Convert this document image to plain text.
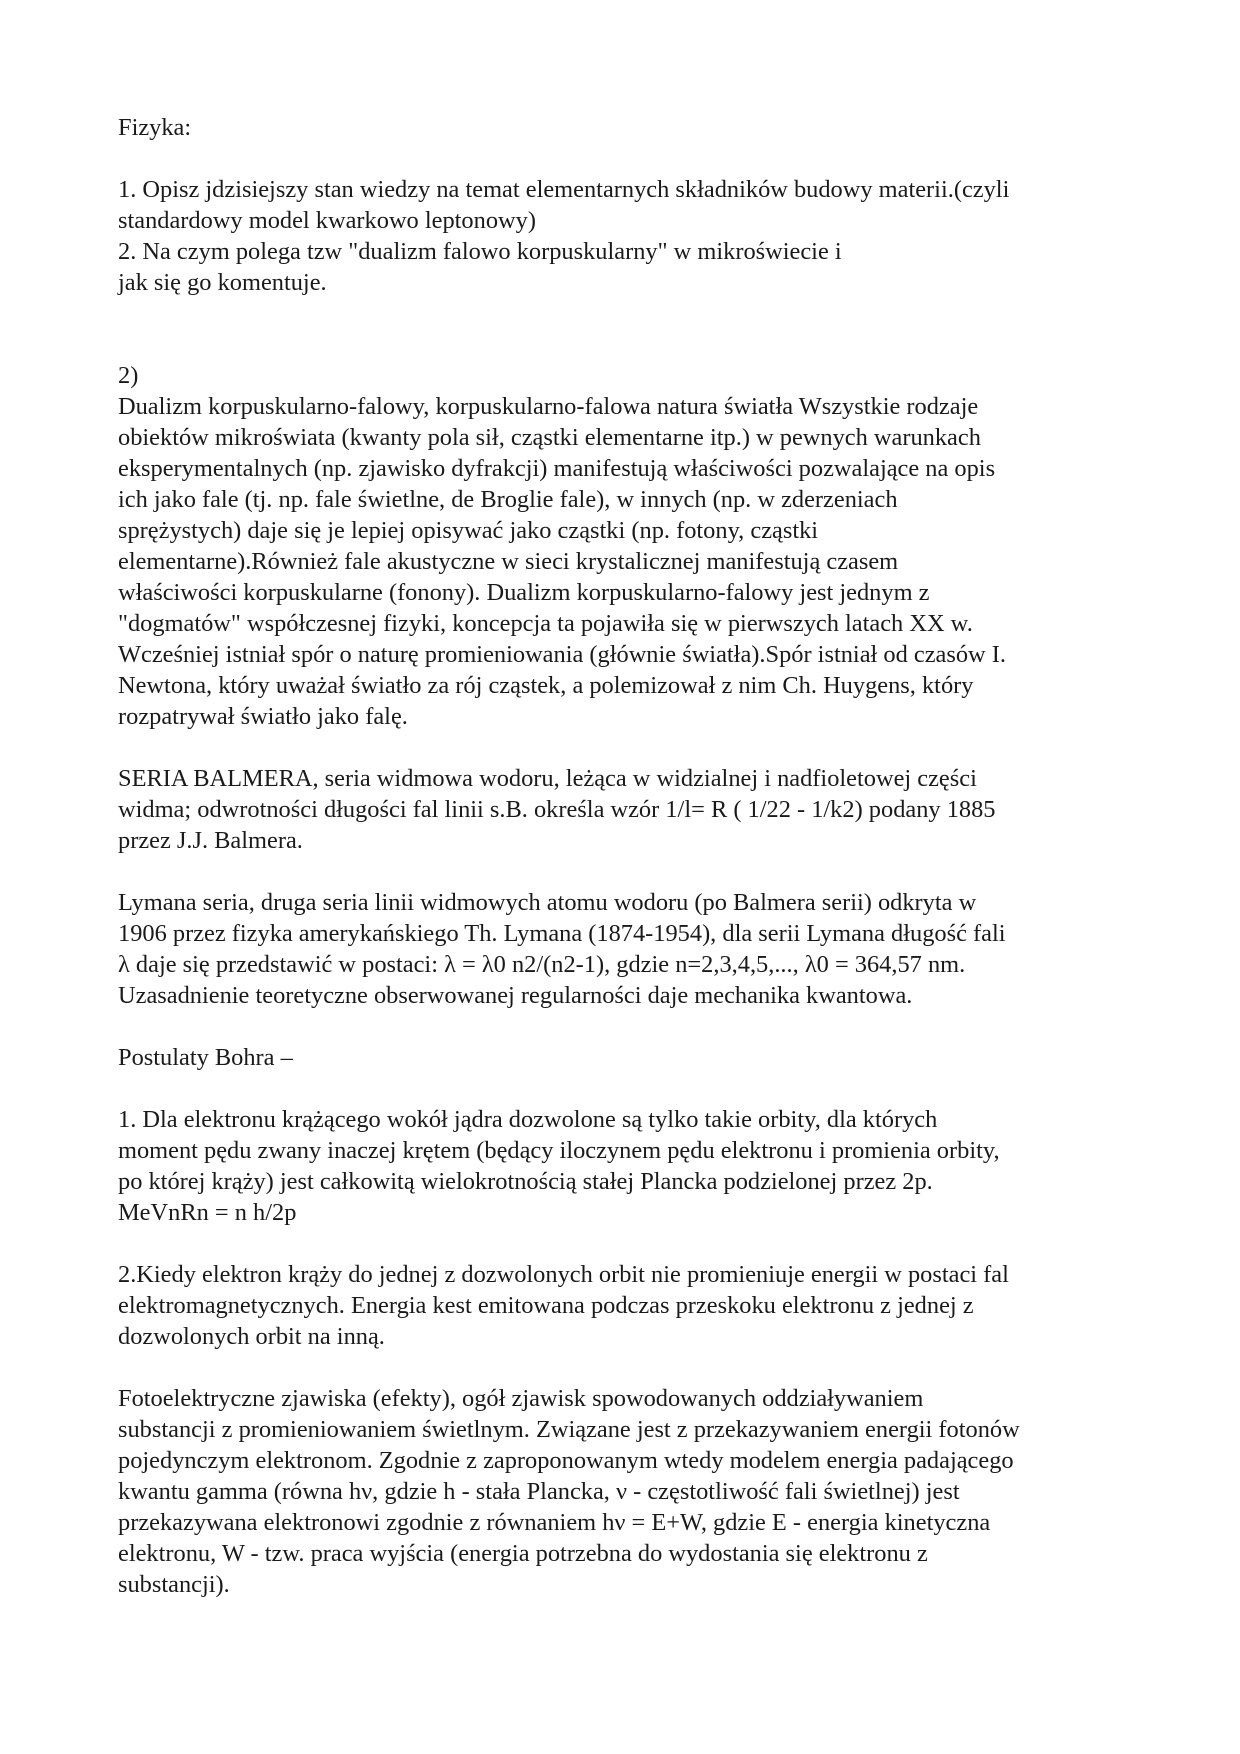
Fizyka:

1. Opisz jdzisiejszy stan wiedzy na temat elementarnych składników budowy materii.(czyli
standardowy model kwarkowo leptonowy)
2. Na czym polega tzw "dualizm falowo korpuskularny" w mikroświecie i
jak się go komentuje.

2)

Dualizm korpuskularno-falowy, korpuskularno-falowa natura światła Wszystkie rodzaje
obiektów mikroświata (kwanty pola sił, cząstki elementarne itp.) w pewnych warunkach
eksperymentalnych (np. zjawisko dyfrakcji) manifestują właściwości pozwalające na opis
ich jako fale (tj. np. fale świetlne, de Broglie fale), w innych (np. w zderzeniach
sprężystych) daje się je lepiej opisywać jako cząstki (np. fotony, cząstki
elementarne).Również fale akustyczne w sieci krystalicznej manifestują czasem
właściwości korpuskularne (fonony). Dualizm korpuskularno-falowy jest jednym z
"dogmatów" współczesnej fizyki, koncepcja ta pojawiła się w pierwszych latach XX w.
Wcześniej istniał spór o naturę promieniowania (głównie światła).Spór istniał od czasów I.
Newtona, który uważał światło za rój cząstek, a polemizował z nim Ch. Huygens, który
rozpatrywał światło jako falę.

SERIA BALMERA, seria widmowa wodoru, leżąca w widzialnej i nadfioletowej części
widma; odwrotności długości fal linii s.B. określa wzór 1/l= R ( 1/22 - 1/k2) podany 1885
przez J.J. Balmera.

Lymana seria, druga seria linii widmowych atomu wodoru (po Balmera serii) odkryta w
1906 przez fizyka amerykańskiego Th. Lymana (1874-1954), dla serii Lymana długość fali
λ daje się przedstawić w postaci: λ = λ0 n2/(n2-1), gdzie n=2,3,4,5,..., λ0 = 364,57 nm.
Uzasadnienie teoretyczne obserwowanej regularności daje mechanika kwantowa.

Postulaty Bohra –

1. Dla elektronu krążącego wokół jądra dozwolone są tylko takie orbity, dla których
moment pędu zwany inaczej krętem (będący iloczynem pędu elektronu i promienia orbity,
po której krąży) jest całkowitą wielokrotnością stałej Plancka podzielonej przez 2p.
MeVnRn = n h/2p

2.Kiedy elektron krąży do jednej z dozwolonych orbit nie promieniuje energii w postaci fal
elektromagnetycznych. Energia kest emitowana podczas przeskoku elektronu z jednej z
dozwolonych orbit na inną.

Fotoelektryczne zjawiska (efekty), ogół zjawisk spowodowanych oddziaływaniem
substancji z promieniowaniem świetlnym. Związane jest z przekazywaniem energii fotonów
pojedynczym elektronom. Zgodnie z zaproponowanym wtedy modelem energia padającego
kwantu gamma (równa hν, gdzie h - stała Plancka, ν - częstotliwość fali świetlnej) jest
przekazywana elektronowi zgodnie z równaniem hν = E+W, gdzie E - energia kinetyczna
elektronu, W - tzw. praca wyjścia (energia potrzebna do wydostania się elektronu z
substancji).
